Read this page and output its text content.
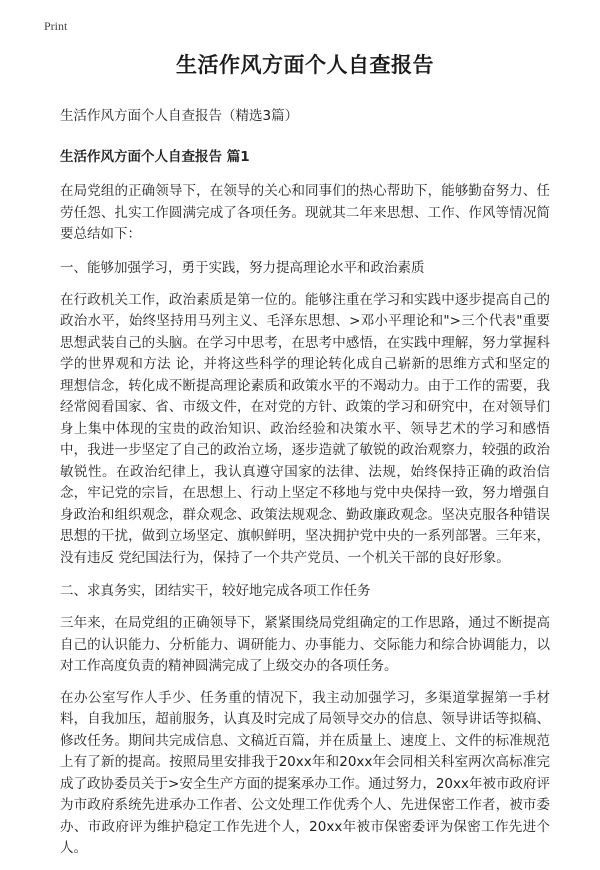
Print
生活作风方面个人自查报告
生活作风方面个人自查报告（精选3篇）
生活作风方面个人自查报告 篇1

在局党组的正确领导下，在领导的关心和同事们的热心帮助下，能够勤奋努力、任劳任怨、扎实工作圆满完成了各项任务。现就其二年来思想、工作、作风等情况简要总结如下：

一、能够加强学习，勇于实践，努力提高理论水平和政治素质

在行政机关工作，政治素质是第一位的。能够注重在学习和实践中逐步提高自己的政治水平，始终坚持用马列主义、毛泽东思想、>邓小平理论和">三个代表"重要思想武装自己的头脑。在学习中思考，在思考中感悟，在实践中理解，努力掌握科学的世界观和方法 论，并将这些科学的理论转化成自己崭新的思维方式和坚定的理想信念，转化成不断提高理论素质和政策水平的不竭动力。由于工作的需要，我经常阅看国家、省、市级文件，在对党的方针、政策的学习和研究中，在对领导们身上集中体现的宝贵的政治知识、政治经验和决策水平、领导艺术的学习和感悟中，我进一步坚定了自己的政治立场，逐步造就了敏锐的政治观察力，较强的政治敏锐性。在政治纪律上，我认真遵守国家的法律、法规，始终保持正确的政治信念，牢记党的宗旨，在思想上、行动上坚定不移地与党中央保持一致，努力增强自身政治和组织观念，群众观念、政策法规观念、勤政廉政观念。坚决克服各种错误思想的干扰，做到立场坚定、旗帜鲜明，坚决拥护党中央的一系列部署。三年来，没有违反 党纪国法行为，保持了一个共产党员、一个机关干部的良好形象。

二、求真务实，团结实干，较好地完成各项工作任务

三年来，在局党组的正确领导下，紧紧围绕局党组确定的工作思路，通过不断提高自己的认识能力、分析能力、调研能力、办事能力、交际能力和综合协调能力，以对工作高度负责的精神圆满完成了上级交办的各项任务。

在办公室写作人手少、任务重的情况下，我主动加强学习，多渠道掌握第一手材料，自我加压，超前服务，认真及时完成了局领导交办的信息、领导讲话等拟稿、修改任务。期间共完成信息、文稿近百篇，并在质量上、速度上、文件的标准规范上有了新的提高。按照局里安排我于20xx年和20xx年会同相关科室两次高标准完成了政协委员关于>安全生产方面的提案承办工作。通过努力，20xx年被市政府评为市政府系统先进承办工作者、公文处理工作优秀个人、先进保密工作者，被市委办、市政府评为维护稳定工作先进个人，20xx年被市保密委评为保密工作先进个人。
